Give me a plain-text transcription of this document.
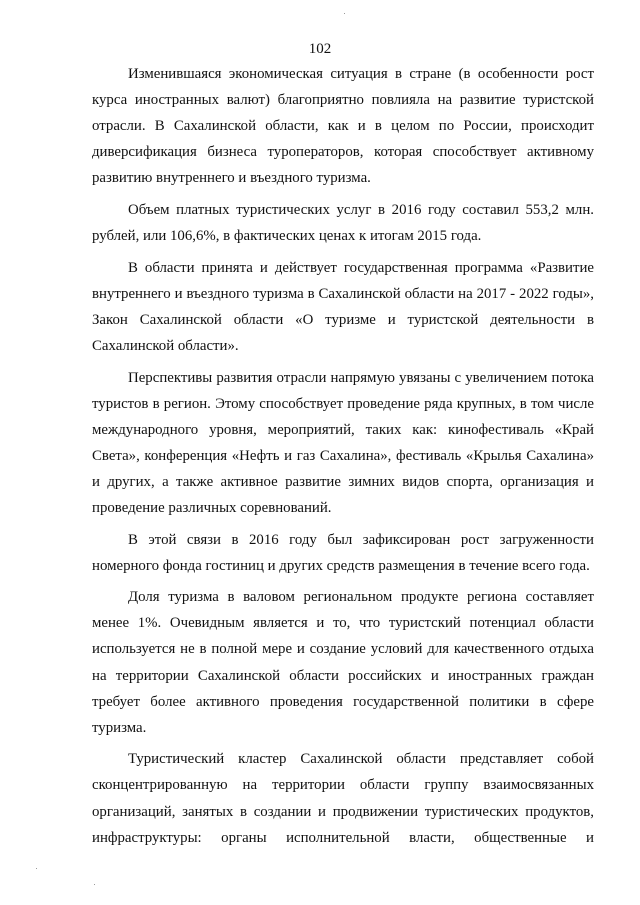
102

Изменившаяся экономическая ситуация в стране (в особенности рост курса иностранных валют) благоприятно повлияла на развитие туристской отрасли. В Сахалинской области, как и в целом по России, происходит диверсификация бизнеса туроператоров, которая способствует активному развитию внутреннего и въездного туризма.

Объем платных туристических услуг в 2016 году составил 553,2 млн. рублей, или 106,6%, в фактических ценах к итогам 2015 года.

В области принята и действует государственная программа «Развитие внутреннего и въездного туризма в Сахалинской области на 2017 - 2022 годы», Закон Сахалинской области «О туризме и туристской деятельности в Сахалинской области».

Перспективы развития отрасли напрямую увязаны с увеличением потока туристов в регион. Этому способствует проведение ряда крупных, в том числе международного уровня, мероприятий, таких как: кинофестиваль «Край Света», конференция «Нефть и газ Сахалина», фестиваль «Крылья Сахалина» и других, а также активное развитие зимних видов спорта, организация и проведение различных соревнований.

В этой связи в 2016 году был зафиксирован рост загруженности номерного фонда гостиниц и других средств размещения в течение всего года.

Доля туризма в валовом региональном продукте региона составляет менее 1%. Очевидным является и то, что туристский потенциал области используется не в полной мере и создание условий для качественного отдыха на территории Сахалинской области российских и иностранных граждан требует более активного проведения государственной политики в сфере туризма.

Туристический кластер Сахалинской области представляет собой сконцентрированную на территории области группу взаимосвязанных организаций, занятых в создании и продвижении туристических продуктов, инфраструктуры: органы исполнительной власти, общественные и
